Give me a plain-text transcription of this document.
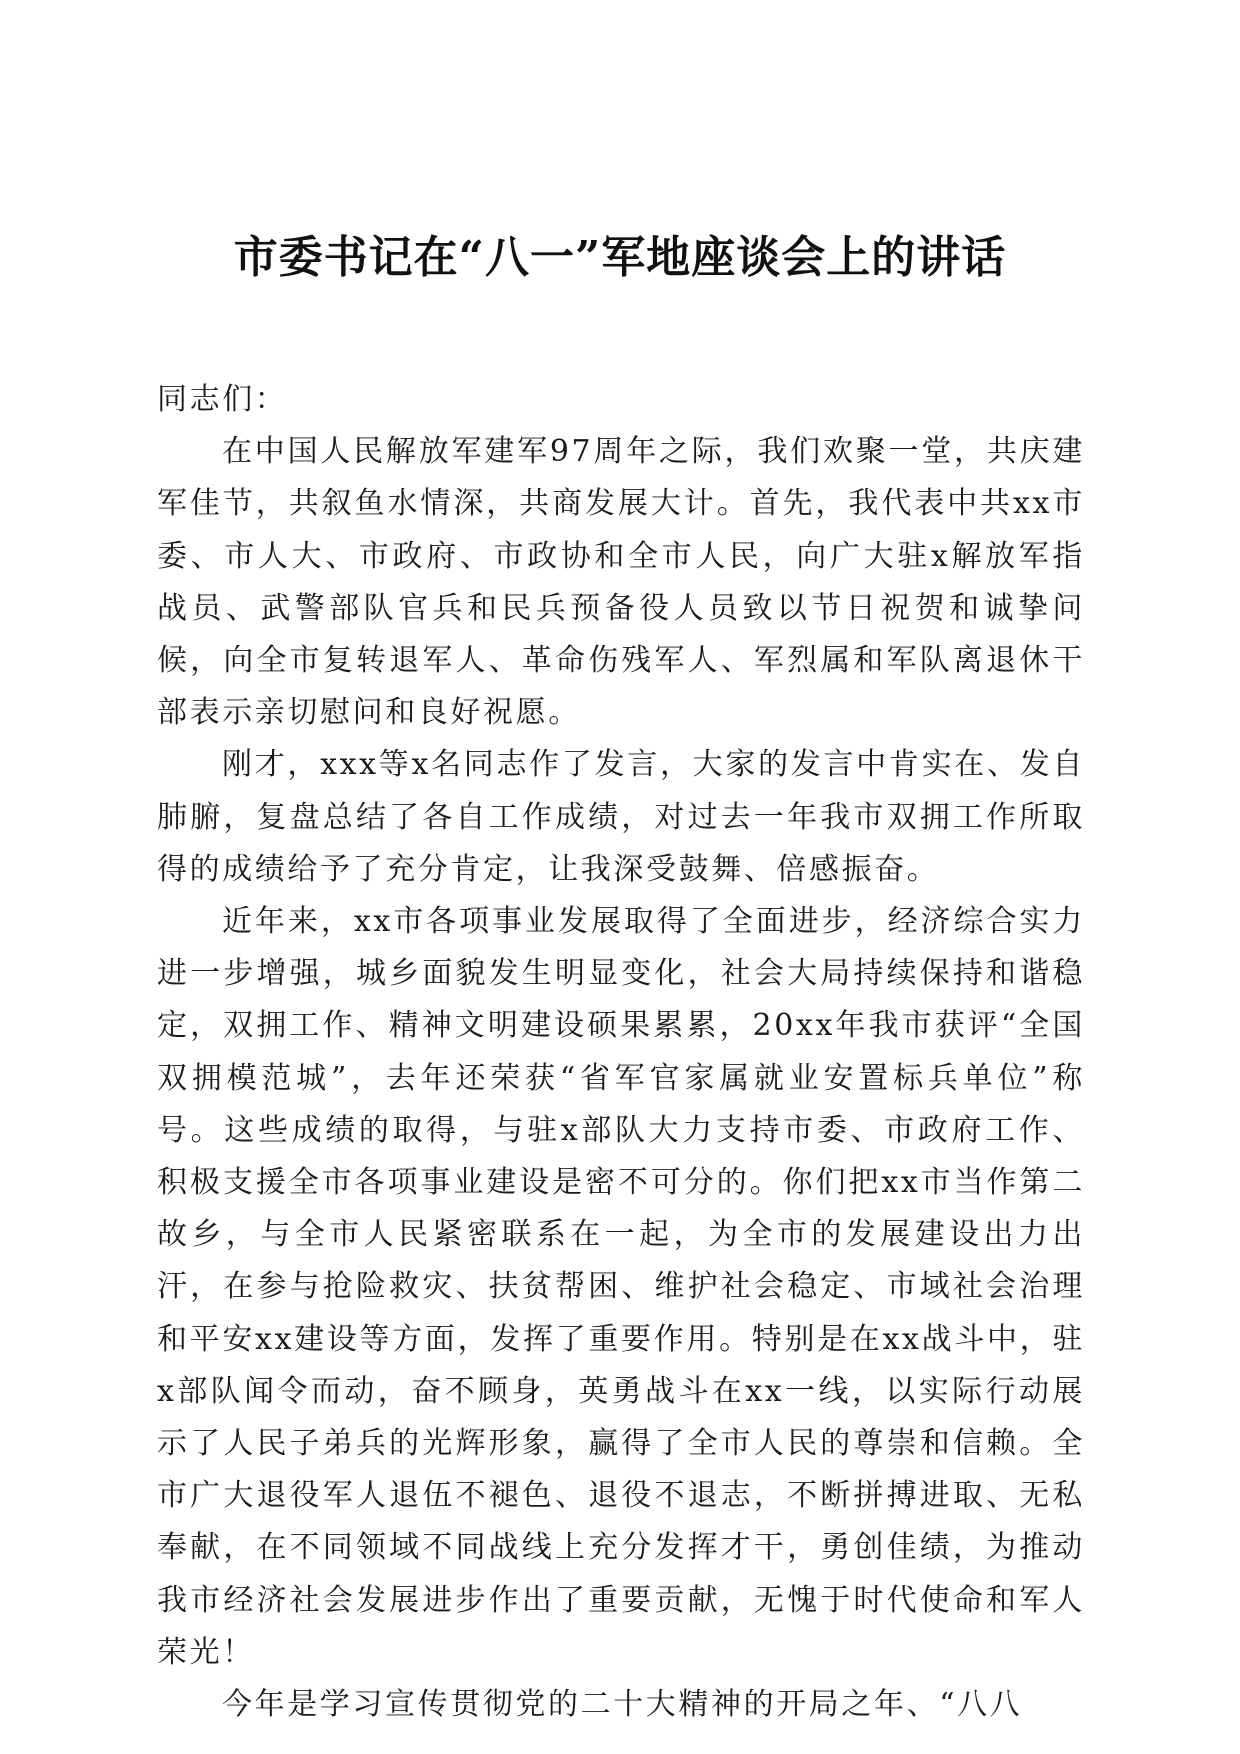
市委书记在“八一”军地座谈会上的讲话

同志们：

在中国人民解放军建军97周年之际，我们欢聚一堂，共庆建军佳节，共叙鱼水情深，共商发展大计。首先，我代表中共xx市委、市人大、市政府、市政协和全市人民，向广大驻x解放军指战员、武警部队官兵和民兵预备役人员致以节日祝贺和诚挚问候，向全市复转退军人、革命伤残军人、军烈属和军队离退休干部表示亲切慰问和良好祝愿。

刚才，xxx等x名同志作了发言，大家的发言中肯实在、发自肺腑，复盘总结了各自工作成绩，对过去一年我市双拥工作所取得的成绩给予了充分肯定，让我深受鼓舞、倍感振奋。

近年来，xx市各项事业发展取得了全面进步，经济综合实力进一步增强，城乡面貌发生明显变化，社会大局持续保持和谐稳定，双拥工作、精神文明建设硕果累累，20xx年我市获评“全国双拥模范城”，去年还荣获“省军官家属就业安置标兵单位”称号。这些成绩的取得，与驻x部队大力支持市委、市政府工作、积极支援全市各项事业建设是密不可分的。你们把xx市当作第二故乡，与全市人民紧密联系在一起，为全市的发展建设出力出汗，在参与抢险救灾、扶贫帮困、维护社会稳定、市域社会治理和平安xx建设等方面，发挥了重要作用。特别是在xx战斗中，驻x部队闻令而动，奋不顾身，英勇战斗在xx一线，以实际行动展示了人民子弟兵的光辉形象，赢得了全市人民的尊崇和信赖。全市广大退役军人退伍不褪色、退役不退志，不断拼搏进取、无私奉献，在不同领域不同战线上充分发挥才干，勇创佳绩，为推动我市经济社会发展进步作出了重要贡献，无愧于时代使命和军人荣光！

今年是学习宣传贯彻党的二十大精神的开局之年、“八八
